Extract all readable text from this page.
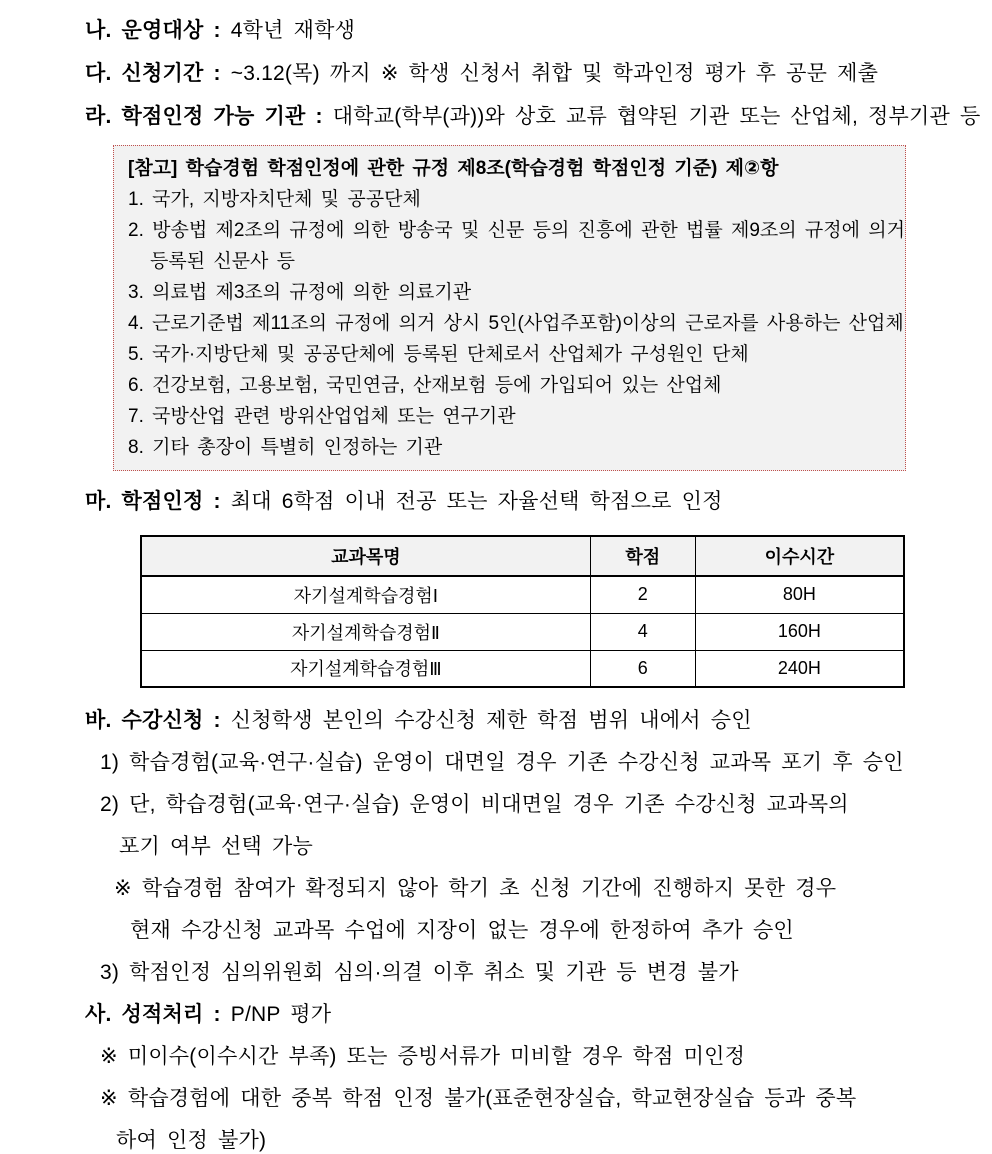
나. 운영대상 : 4학년 재학생
다. 신청기간 : ~3.12(목) 까지 ※ 학생 신청서 취합 및 학과인정 평가 후 공문 제출
라. 학점인정 가능 기관 : 대학교(학부(과))와 상호 교류 협약된 기관 또는 산업체, 정부기관 등
[참고] 학습경험 학점인정에 관한 규정 제8조(학습경험 학점인정 기준) 제②항
1. 국가, 지방자치단체 및 공공단체
2. 방송법 제2조의 규정에 의한 방송국 및 신문 등의 진흥에 관한 법률 제9조의 규정에 의거
등록된 신문사 등
3. 의료법 제3조의 규정에 의한 의료기관
4. 근로기준법 제11조의 규정에 의거 상시 5인(사업주포함)이상의 근로자를 사용하는 산업체
5. 국가·지방단체 및 공공단체에 등록된 단체로서 산업체가 구성원인 단체
6. 건강보험, 고용보험, 국민연금, 산재보험 등에 가입되어 있는 산업체
7. 국방산업 관련 방위산업업체 또는 연구기관
8. 기타 총장이 특별히 인정하는 기관
마. 학점인정 : 최대 6학점 이내 전공 또는 자율선택 학점으로 인정
교과목명	학점	이수시간
자기설계학습경험Ⅰ	2	80H
자기설계학습경험Ⅱ	4	160H
자기설계학습경험Ⅲ	6	240H
바. 수강신청 : 신청학생 본인의 수강신청 제한 학점 범위 내에서 승인
1) 학습경험(교육·연구·실습) 운영이 대면일 경우 기존 수강신청 교과목 포기 후 승인
2) 단, 학습경험(교육·연구·실습) 운영이 비대면일 경우 기존 수강신청 교과목의
포기 여부 선택 가능
※ 학습경험 참여가 확정되지 않아 학기 초 신청 기간에 진행하지 못한 경우
현재 수강신청 교과목 수업에 지장이 없는 경우에 한정하여 추가 승인
3) 학점인정 심의위원회 심의·의결 이후 취소 및 기관 등 변경 불가
사. 성적처리 : P/NP 평가
※ 미이수(이수시간 부족) 또는 증빙서류가 미비할 경우 학점 미인정
※ 학습경험에 대한 중복 학점 인정 불가(표준현장실습, 학교현장실습 등과 중복
하여 인정 불가)
